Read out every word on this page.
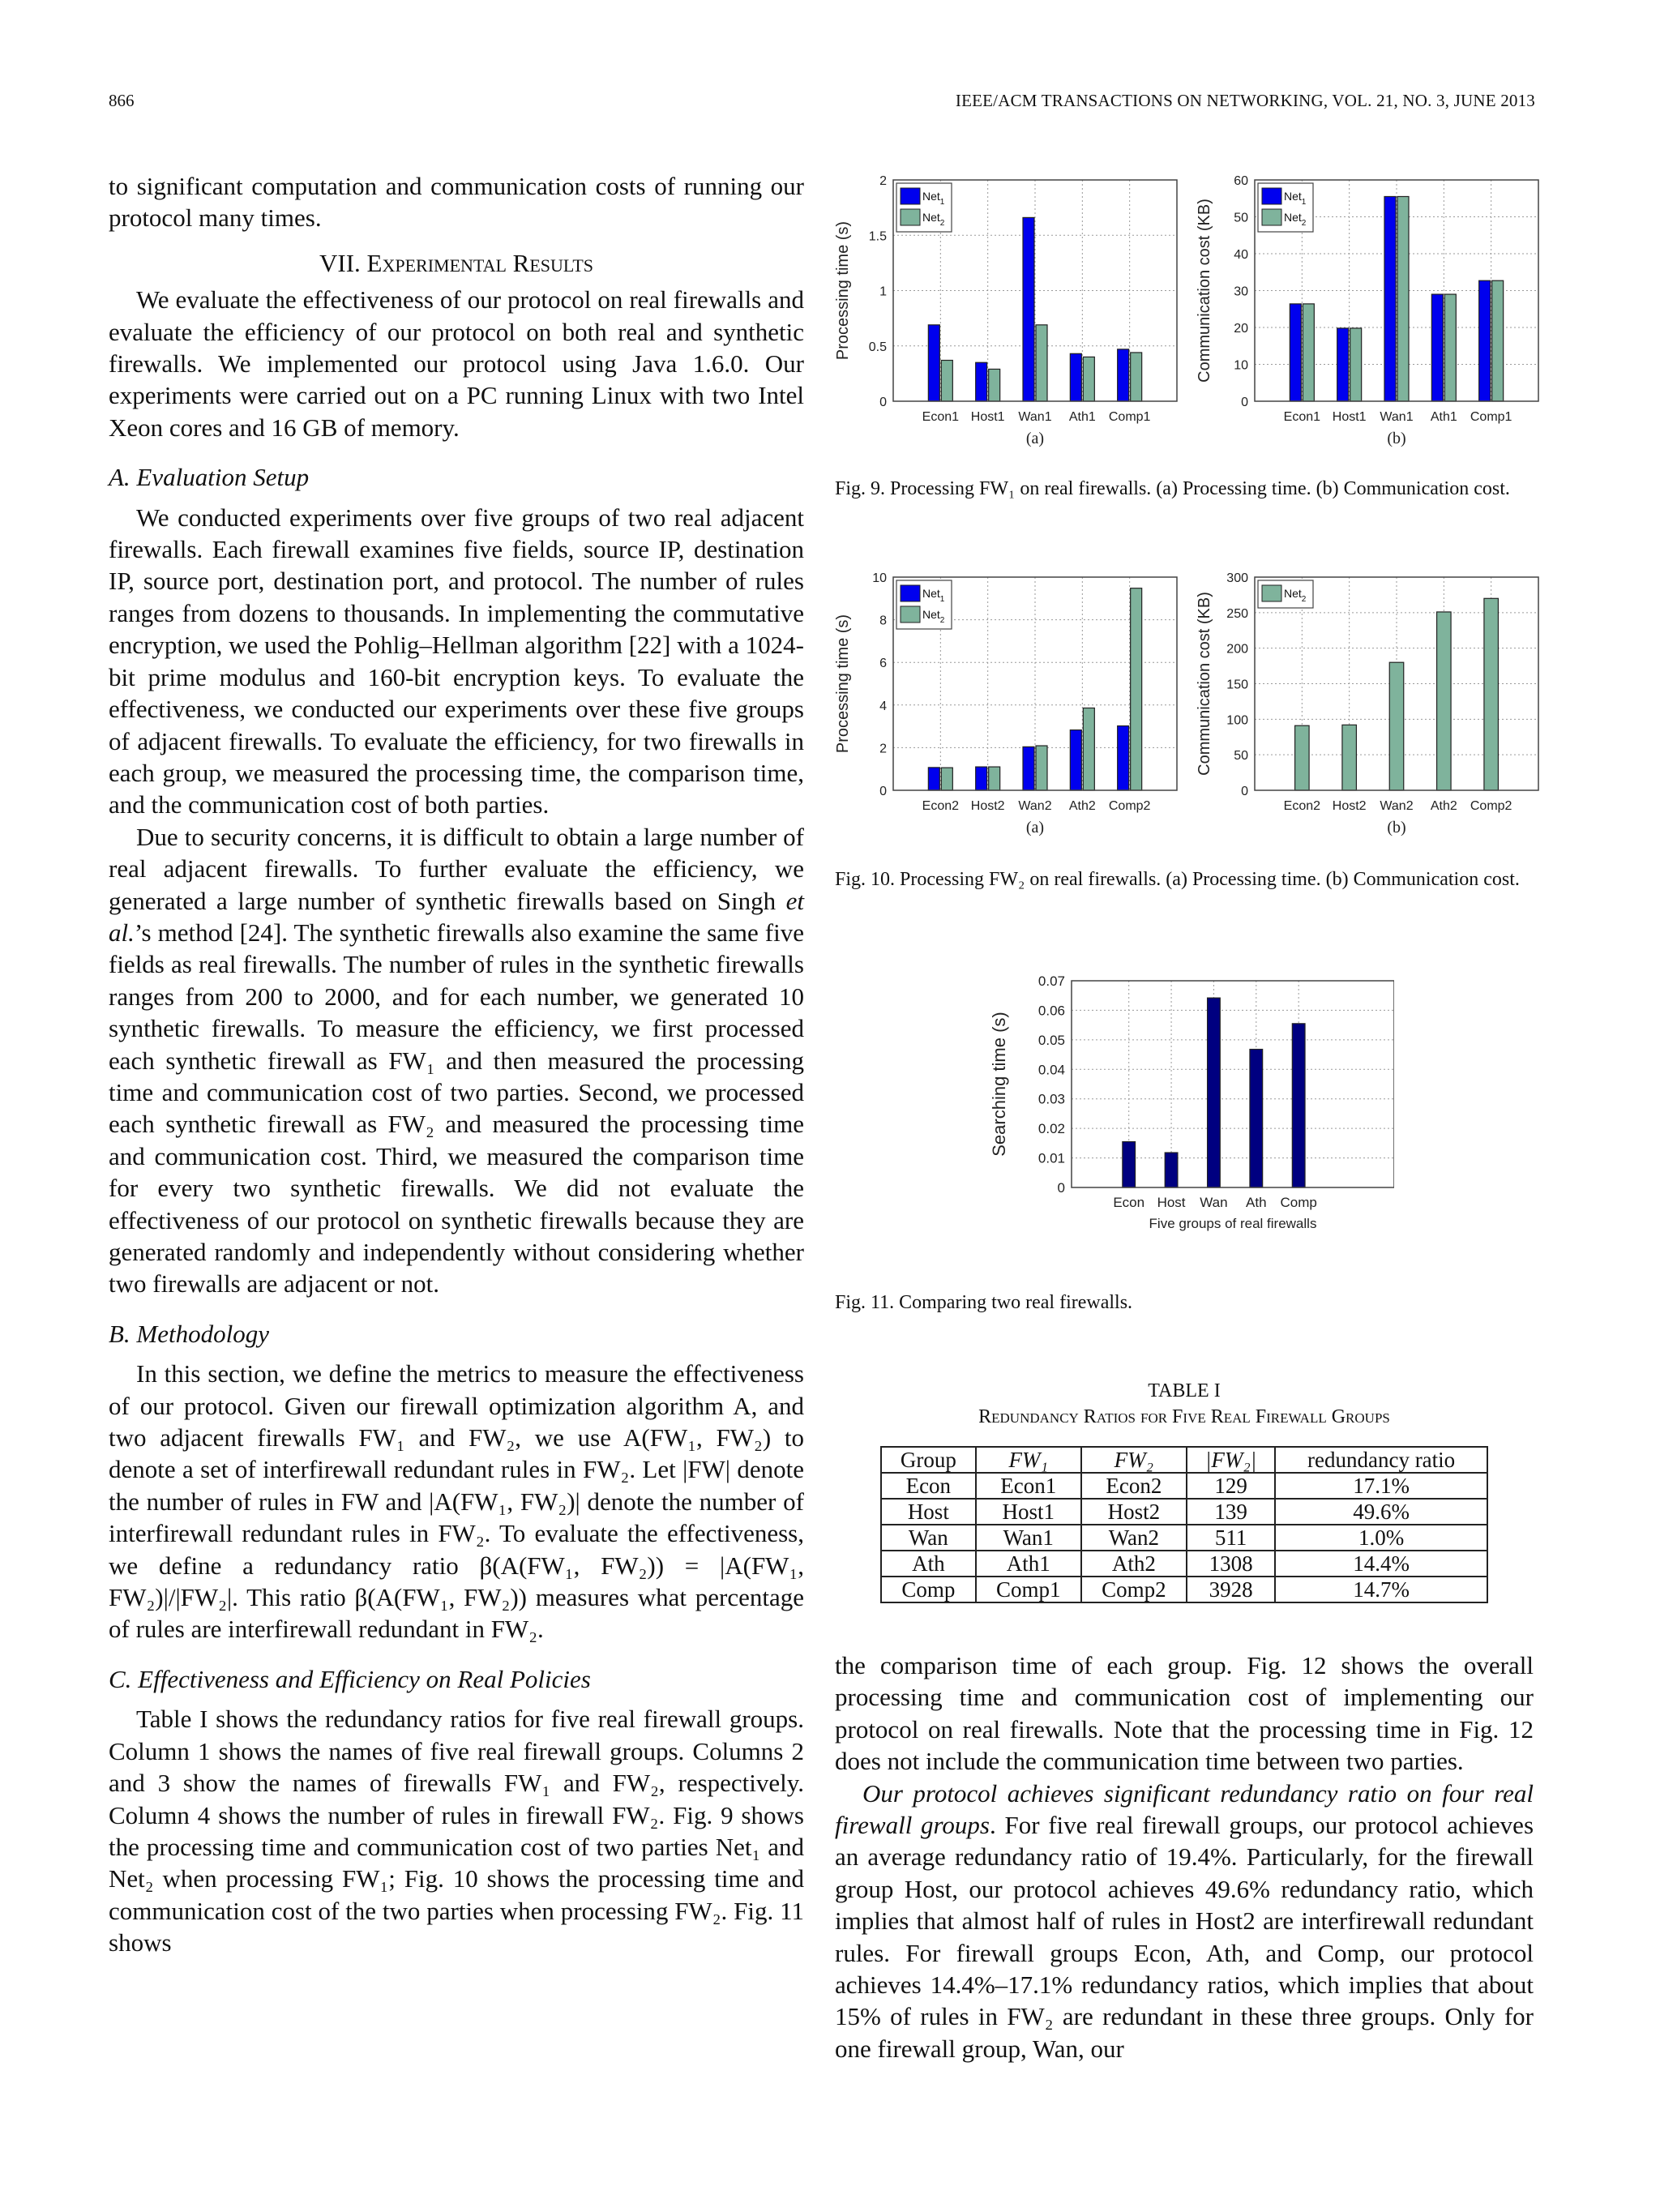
866	IEEE/ACM TRANSACTIONS ON NETWORKING, VOL. 21, NO. 3, JUNE 2013

to significant computation and communication costs of running our protocol many times.

VII. Experimental Results

We evaluate the effectiveness of our protocol on real firewalls and evaluate the efficiency of our protocol on both real and synthetic firewalls. We implemented our protocol using Java 1.6.0. Our experiments were carried out on a PC running Linux with two Intel Xeon cores and 16 GB of memory.

A. Evaluation Setup

We conducted experiments over five groups of two real adjacent firewalls. Each firewall examines five fields, source IP, destination IP, source port, destination port, and protocol. The number of rules ranges from dozens to thousands. In implementing the commutative encryption, we used the Pohlig–Hellman algorithm [22] with a 1024-bit prime modulus and 160-bit encryption keys. To evaluate the effectiveness, we conducted our experiments over these five groups of adjacent firewalls. To evaluate the efficiency, for two firewalls in each group, we measured the processing time, the comparison time, and the communication cost of both parties.

Due to security concerns, it is difficult to obtain a large number of real adjacent firewalls. To further evaluate the efficiency, we generated a large number of synthetic firewalls based on Singh et al.’s method [24]. The synthetic firewalls also examine the same five fields as real firewalls. The number of rules in the synthetic firewalls ranges from 200 to 2000, and for each number, we generated 10 synthetic firewalls. To measure the efficiency, we first processed each synthetic firewall as FW₁ and then measured the processing time and communication cost of two parties. Second, we processed each synthetic firewall as FW₂ and measured the processing time and communication cost. Third, we measured the comparison time for every two synthetic firewalls. We did not evaluate the effectiveness of our protocol on synthetic firewalls because they are generated randomly and independently without considering whether two firewalls are adjacent or not.

B. Methodology

In this section, we define the metrics to measure the effectiveness of our protocol. Given our firewall optimization algorithm A, and two adjacent firewalls FW₁ and FW₂, we use A(FW₁, FW₂) to denote a set of interfirewall redundant rules in FW₂. Let |FW| denote the number of rules in FW and |A(FW₁, FW₂)| denote the number of interfirewall redundant rules in FW₂. To evaluate the effectiveness, we define a redundancy ratio β(A(FW₁, FW₂)) = |A(FW₁, FW₂)|/|FW₂|. This ratio β(A(FW₁, FW₂)) measures what percentage of rules are interfirewall redundant in FW₂.

C. Effectiveness and Efficiency on Real Policies

Table I shows the redundancy ratios for five real firewall groups. Column 1 shows the names of five real firewall groups. Columns 2 and 3 show the names of firewalls FW₁ and FW₂, respectively. Column 4 shows the number of rules in firewall FW₂. Fig. 9 shows the processing time and communication cost of two parties Net₁ and Net₂ when processing FW₁; Fig. 10 shows the processing time and communication cost of the two parties when processing FW₂. Fig. 11 shows

0
0.5
1
1.5
2
Econ1 Host1 Wan1 Ath1 Comp1
Processing time (s)
(a)
Net$_1$
Net$_2$
0
10
20
30
40
50
60
Econ1 Host1 Wan1 Ath1 Comp1
Communication cost (KB)
(b)
Net$_1$
Net$_2$
Fig. 9. Processing FW₁ on real firewalls. (a) Processing time. (b) Communication cost.
0
2
4
6
8
10
Econ2 Host2 Wan2 Ath2 Comp2
Processing time (s)
(a)
Net$_1$
Net$_2$
0
50
100
150
200
250
300
Econ2 Host2 Wan2 Ath2 Comp2
Communication cost (KB)
(b)
Net$_2$
Fig. 10. Processing FW₂ on real firewalls. (a) Processing time. (b) Communication cost.
0
0.01
0.02
0.03
0.04
0.05
0.06
0.07
Econ Host Wan Ath Comp
Searching time (s)
Five groups of real firewalls
Fig. 11. Comparing two real firewalls.
TABLE I
Redundancy Ratios for Five Real Firewall Groups
Group	FW₁	FW₂	|FW₂|	redundancy ratio
Econ	Econ1	Econ2	129	17.1%
Host	Host1	Host2	139	49.6%
Wan	Wan1	Wan2	511	1.0%
Ath	Ath1	Ath2	1308	14.4%
Comp	Comp1	Comp2	3928	14.7%

the comparison time of each group. Fig. 12 shows the overall processing time and communication cost of implementing our protocol on real firewalls. Note that the processing time in Fig. 12 does not include the communication time between two parties.

Our protocol achieves significant redundancy ratio on four real firewall groups. For five real firewall groups, our protocol achieves an average redundancy ratio of 19.4%. Particularly, for the firewall group Host, our protocol achieves 49.6% redundancy ratio, which implies that almost half of rules in Host2 are interfirewall redundant rules. For firewall groups Econ, Ath, and Comp, our protocol achieves 14.4%–17.1% redundancy ratios, which implies that about 15% of rules in FW₂ are redundant in these three groups. Only for one firewall group, Wan, our
